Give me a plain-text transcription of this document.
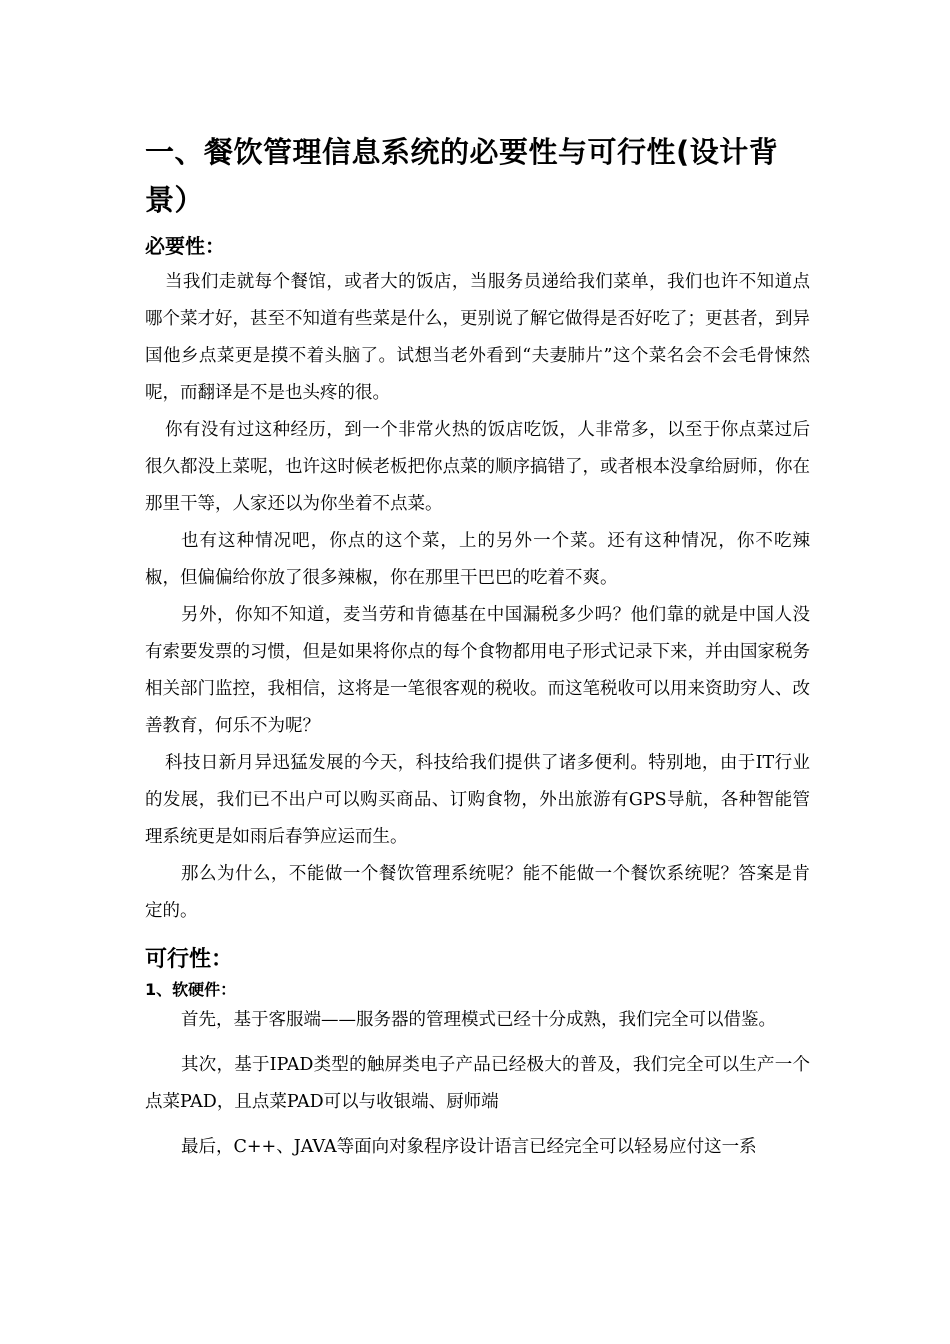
一、餐饮管理信息系统的必要性与可行性(设计背景）
必要性：

当我们走就每个餐馆，或者大的饭店，当服务员递给我们菜单，我们也许不知道点哪个菜才好，甚至不知道有些菜是什么，更别说了解它做得是否好吃了；更甚者，到异国他乡点菜更是摸不着头脑了。试想当老外看到“夫妻肺片”这个菜名会不会毛骨悚然呢，而翻译是不是也头疼的很。

你有没有过这种经历，到一个非常火热的饭店吃饭，人非常多，以至于你点菜过后很久都没上菜呢，也许这时候老板把你点菜的顺序搞错了，或者根本没拿给厨师，你在那里干等，人家还以为你坐着不点菜。

也有这种情况吧，你点的这个菜，上的另外一个菜。还有这种情况，你不吃辣椒，但偏偏给你放了很多辣椒，你在那里干巴巴的吃着不爽。

另外，你知不知道，麦当劳和肯德基在中国漏税多少吗？他们靠的就是中国人没有索要发票的习惯，但是如果将你点的每个食物都用电子形式记录下来，并由国家税务相关部门监控，我相信，这将是一笔很客观的税收。而这笔税收可以用来资助穷人、改善教育，何乐不为呢？

科技日新月异迅猛发展的今天，科技给我们提供了诸多便利。特别地，由于IT行业的发展，我们已不出户可以购买商品、订购食物，外出旅游有GPS导航，各种智能管理系统更是如雨后春笋应运而生。

那么为什么，不能做一个餐饮管理系统呢？能不能做一个餐饮系统呢？答案是肯定的。

可行性：
1、软硬件：

首先，基于客服端——服务器的管理模式已经十分成熟，我们完全可以借鉴。

其次，基于IPAD类型的触屏类电子产品已经极大的普及，我们完全可以生产一个点菜PAD，且点菜PAD可以与收银端、厨师端

最后，C++、JAVA等面向对象程序设计语言已经完全可以轻易应付这一系
